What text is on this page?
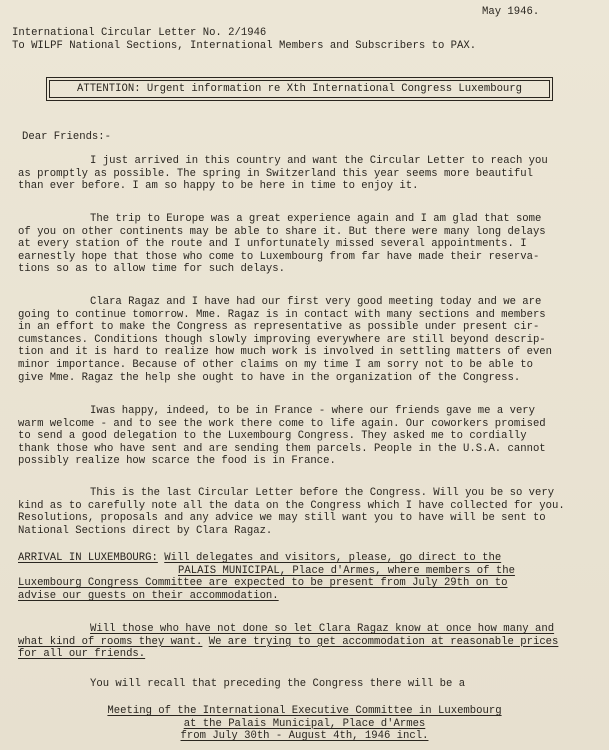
May 1946.
International Circular Letter No. 2/1946
To WILPF National Sections, International Members and Subscribers to PAX.
ATTENTION: Urgent information re Xth International Congress Luxembourg
Dear Friends:-
I just arrived in this country and want the Circular Letter to reach you
as promptly as possible. The spring in Switzerland this year seems more beautiful
than ever before. I am so happy to be here in time to enjoy it.
The trip to Europe was a great experience again and I am glad that some
of you on other continents may be able to share it. But there were many long delays
at every station of the route and I unfortunately missed several appointments. I
earnestly hope that those who come to Luxembourg from far have made their reserva-
tions so as to allow time for such delays.
Clara Ragaz and I have had our first very good meeting today and we are
going to continue tomorrow. Mme. Ragaz is in contact with many sections and members
in an effort to make the Congress as representative as possible under present cir-
cumstances. Conditions though slowly improving everywhere are still beyond descrip-
tion and it is hard to realize how much work is involved in settling matters of even
minor importance. Because of other claims on my time I am sorry not to be able to
give Mme. Ragaz the help she ought to have in the organization of the Congress.
Iwas happy, indeed, to be in France - where our friends gave me a very
warm welcome - and to see the work there come to life again. Our coworkers promised
to send a good delegation to the Luxembourg Congress. They asked me to cordially
thank those who have sent and are sending them parcels. People in the U.S.A. cannot
possibly realize how scarce the food is in France.
This is the last Circular Letter before the Congress. Will you be so very
kind as to carefully note all the data on the Congress which I have collected for you.
Resolutions, proposals and any advice we may still want you to have will be sent to
National Sections direct by Clara Ragaz.
ARRIVAL IN LUXEMBOURG: Will delegates and visitors, please, go direct to the
PALAIS MUNICIPAL, Place d'Armes, where members of the
Luxembourg Congress Committee are expected to be present from July 29th on to
advise our guests on their accommodation.
Will those who have not done so let Clara Ragaz know at once how many and
what kind of rooms they want. We are trying to get accommodation at reasonable prices
for all our friends.
You will recall that preceding the Congress there will be a
Meeting of the International Executive Committee in Luxembourg
at the Palais Municipal, Place d'Armes
from July 30th - August 4th, 1946 incl.
